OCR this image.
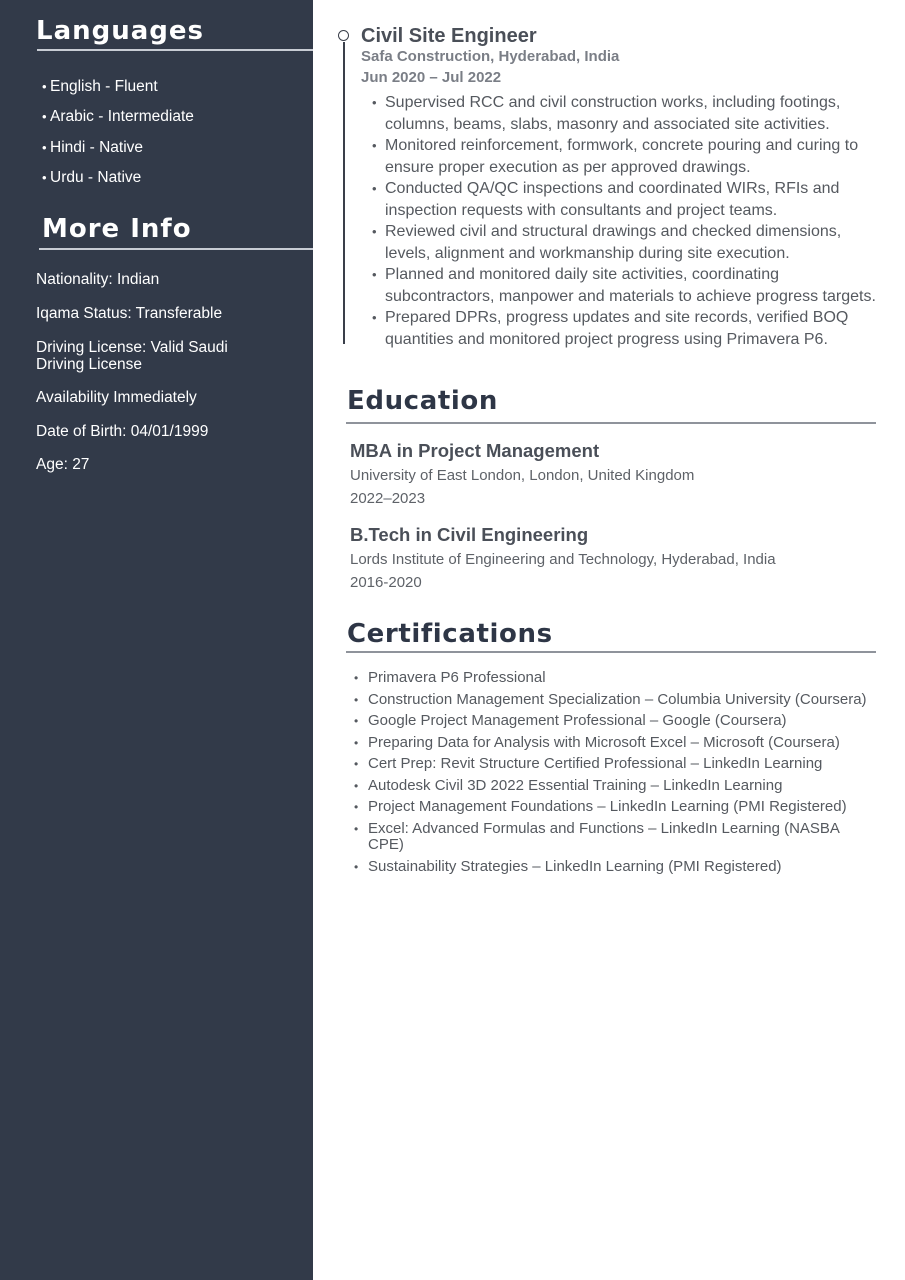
Languages
• English - Fluent
• Arabic - Intermediate
• Hindi - Native
• Urdu - Native
More Info
Nationality: Indian
Iqama Status: Transferable
Driving License: Valid Saudi
Driving License
Availability Immediately
Date of Birth: 04/01/1999
Age: 27
Civil Site Engineer
Safa Construction, Hyderabad, India
Jun 2020 – Jul 2022
• Supervised RCC and civil construction works, including footings, columns, beams, slabs, masonry and associated site activities.
• Monitored reinforcement, formwork, concrete pouring and curing to ensure proper execution as per approved drawings.
• Conducted QA/QC inspections and coordinated WIRs, RFIs and inspection requests with consultants and project teams.
• Reviewed civil and structural drawings and checked dimensions, levels, alignment and workmanship during site execution.
• Planned and monitored daily site activities, coordinating subcontractors, manpower and materials to achieve progress targets.
• Prepared DPRs, progress updates and site records, verified BOQ quantities and monitored project progress using Primavera P6.
Education
MBA in Project Management
University of East London, London, United Kingdom
2022–2023
B.Tech in Civil Engineering
Lords Institute of Engineering and Technology, Hyderabad, India
2016-2020
Certifications
• Primavera P6 Professional
• Construction Management Specialization – Columbia University (Coursera)
• Google Project Management Professional – Google (Coursera)
• Preparing Data for Analysis with Microsoft Excel – Microsoft (Coursera)
• Cert Prep: Revit Structure Certified Professional – LinkedIn Learning
• Autodesk Civil 3D 2022 Essential Training – LinkedIn Learning
• Project Management Foundations – LinkedIn Learning (PMI Registered)
• Excel: Advanced Formulas and Functions – LinkedIn Learning (NASBA CPE)
• Sustainability Strategies – LinkedIn Learning (PMI Registered)
